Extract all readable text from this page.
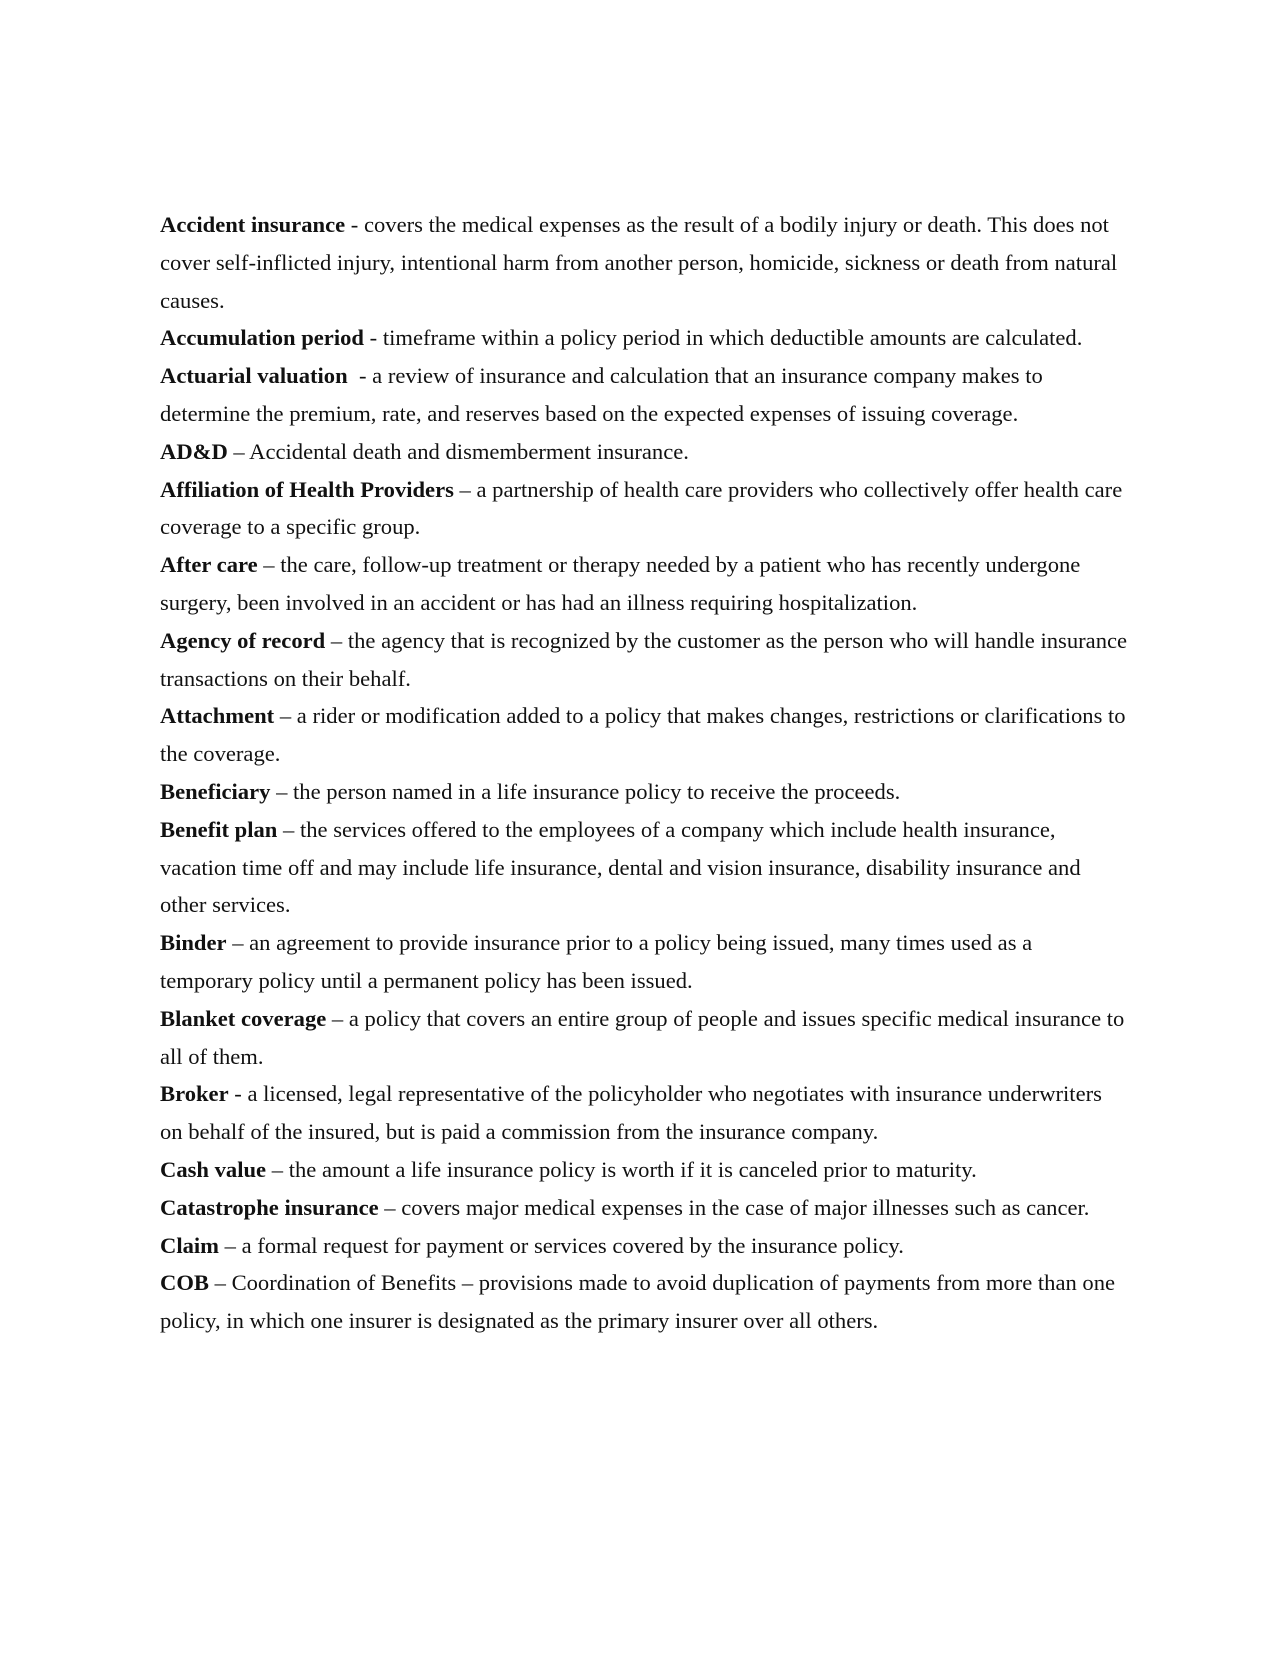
Accident insurance - covers the medical expenses as the result of a bodily injury or death. This does not cover self-inflicted injury, intentional harm from another person, homicide, sickness or death from natural causes.

Accumulation period - timeframe within a policy period in which deductible amounts are calculated.

Actuarial valuation  - a review of insurance and calculation that an insurance company makes to determine the premium, rate, and reserves based on the expected expenses of issuing coverage.

AD&D – Accidental death and dismemberment insurance.

Affiliation of Health Providers – a partnership of health care providers who collectively offer health care coverage to a specific group.

After care – the care, follow-up treatment or therapy needed by a patient who has recently undergone surgery, been involved in an accident or has had an illness requiring hospitalization.

Agency of record – the agency that is recognized by the customer as the person who will handle insurance transactions on their behalf.

Attachment – a rider or modification added to a policy that makes changes, restrictions or clarifications to the coverage.

Beneficiary – the person named in a life insurance policy to receive the proceeds.

Benefit plan – the services offered to the employees of a company which include health insurance, vacation time off and may include life insurance, dental and vision insurance, disability insurance and other services.

Binder – an agreement to provide insurance prior to a policy being issued, many times used as a temporary policy until a permanent policy has been issued.

Blanket coverage – a policy that covers an entire group of people and issues specific medical insurance to all of them.

Broker - a licensed, legal representative of the policyholder who negotiates with insurance underwriters on behalf of the insured, but is paid a commission from the insurance company.

Cash value – the amount a life insurance policy is worth if it is canceled prior to maturity.

Catastrophe insurance – covers major medical expenses in the case of major illnesses such as cancer.

Claim – a formal request for payment or services covered by the insurance policy.

COB – Coordination of Benefits – provisions made to avoid duplication of payments from more than one policy, in which one insurer is designated as the primary insurer over all others.
